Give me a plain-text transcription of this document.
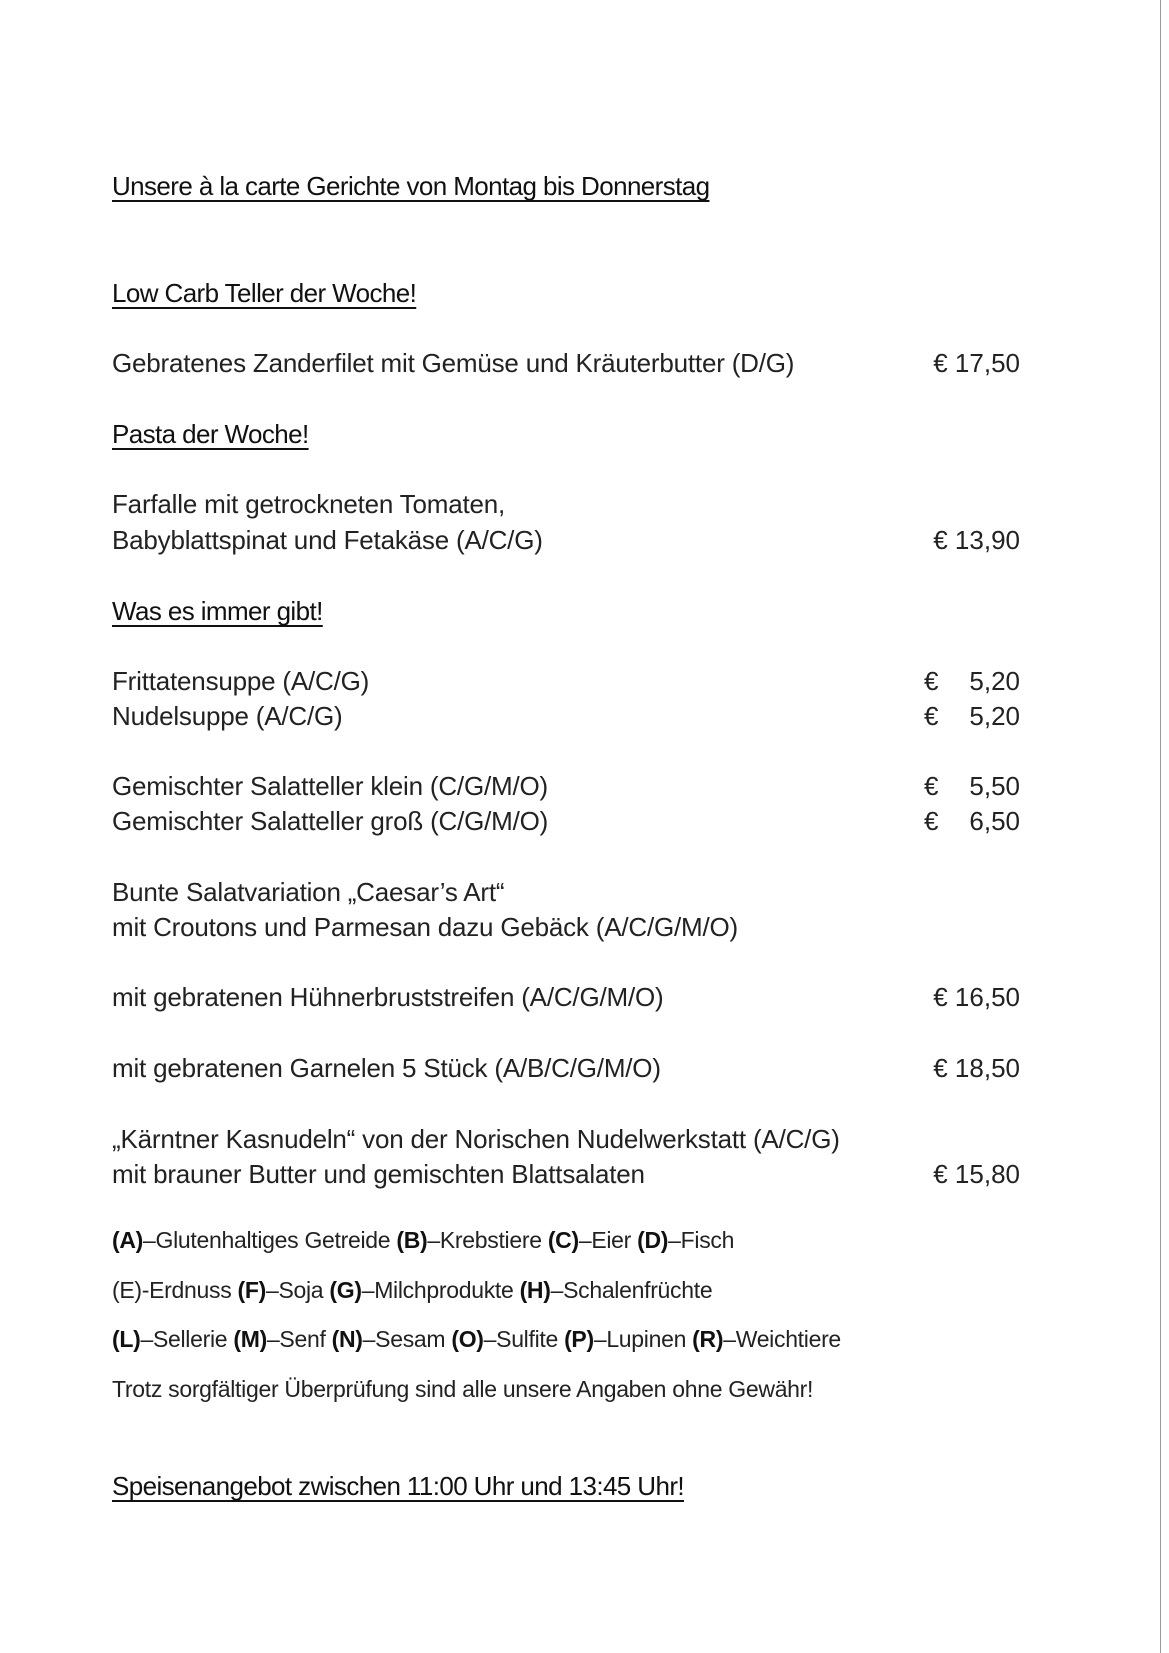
Unsere à la carte Gerichte von Montag bis Donnerstag
Low Carb Teller der Woche!
Gebratenes Zanderfilet mit Gemüse und Kräuterbutter (D/G)	€ 17,50
Pasta der Woche!
Farfalle mit getrockneten Tomaten,
Babyblattspinat und Fetakäse (A/C/G)	€ 13,90
Was es immer gibt!
Frittatensuppe (A/C/G)	€ 5,20
Nudelsuppe (A/C/G)	€ 5,20
Gemischter Salatteller klein (C/G/M/O)	€ 5,50
Gemischter Salatteller groß (C/G/M/O)	€ 6,50
Bunte Salatvariation „Caesar’s Art“
mit Croutons und Parmesan dazu Gebäck (A/C/G/M/O)
mit gebratenen Hühnerbruststreifen (A/C/G/M/O)	€ 16,50
mit gebratenen Garnelen 5 Stück (A/B/C/G/M/O)	€ 18,50
„Kärntner Kasnudeln“ von der Norischen Nudelwerkstatt (A/C/G)
mit brauner Butter und gemischten Blattsalaten	€ 15,80
(A)–Glutenhaltiges Getreide (B)–Krebstiere (C)–Eier (D)–Fisch
(E)-Erdnuss (F)–Soja (G)–Milchprodukte (H)–Schalenfrüchte
(L)–Sellerie (M)–Senf (N)–Sesam (O)–Sulfite (P)–Lupinen (R)–Weichtiere
Trotz sorgfältiger Überprüfung sind alle unsere Angaben ohne Gewähr!
Speisenangebot zwischen 11:00 Uhr und 13:45 Uhr!
